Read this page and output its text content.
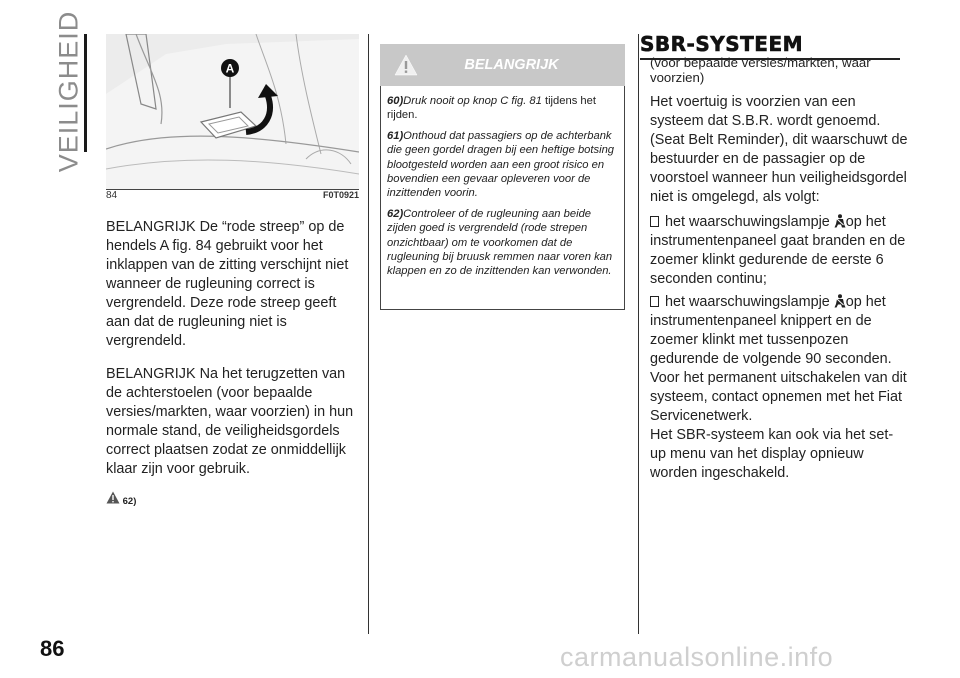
VEILIGHEID	A
84	F0T0921

BELANGRIJK De “rode streep” op de hendels A fig. 84 gebruikt voor het inklappen van de zitting verschijnt niet wanneer de rugleuning correct is vergrendeld. Deze rode streep geeft aan dat de rugleuning niet is vergrendeld.

BELANGRIJK Na het terugzetten van de achterstoelen (voor bepaalde versies/markten, waar voorzien) in hun normale stand, de veiligheidsgordels correct plaatsen zodat ze onmiddellijk klaar zijn voor gebruik.

62)

BELANGRIJK
60)Druk nooit op knop C fig. 81 tijdens het rijden.
61)Onthoud dat passagiers op de achterbank die geen gordel dragen bij een heftige botsing blootgesteld worden aan een groot risico en bovendien een gevaar opleveren voor de inzittenden voorin.
62)Controleer of de rugleuning aan beide zijden goed is vergrendeld (rode strepen onzichtbaar) om te voorkomen dat de rugleuning bij bruusk remmen naar voren kan klappen en zo de inzittenden kan verwonden.
SBR-SYSTEEM

(voor bepaalde versies/markten, waar voorzien)

Het voertuig is voorzien van een systeem dat S.B.R. wordt genoemd. (Seat Belt Reminder), dit waarschuwt de bestuurder en de passagier op de voorstoel wanneer hun veiligheidsgordel niet is omgelegd, als volgt:

het waarschuwingslampje op het instrumentenpaneel gaat branden en de zoemer klinkt gedurende de eerste 6 seconden continu;

het waarschuwingslampje op het instrumentenpaneel knippert en de zoemer klinkt met tussenpozen gedurende de volgende 90 seconden.

Voor het permanent uitschakelen van dit systeem, contact opnemen met het Fiat Servicenetwerk.

Het SBR-systeem kan ook via het set-up menu van het display opnieuw worden ingeschakeld.

86	carmanualsonline.info
